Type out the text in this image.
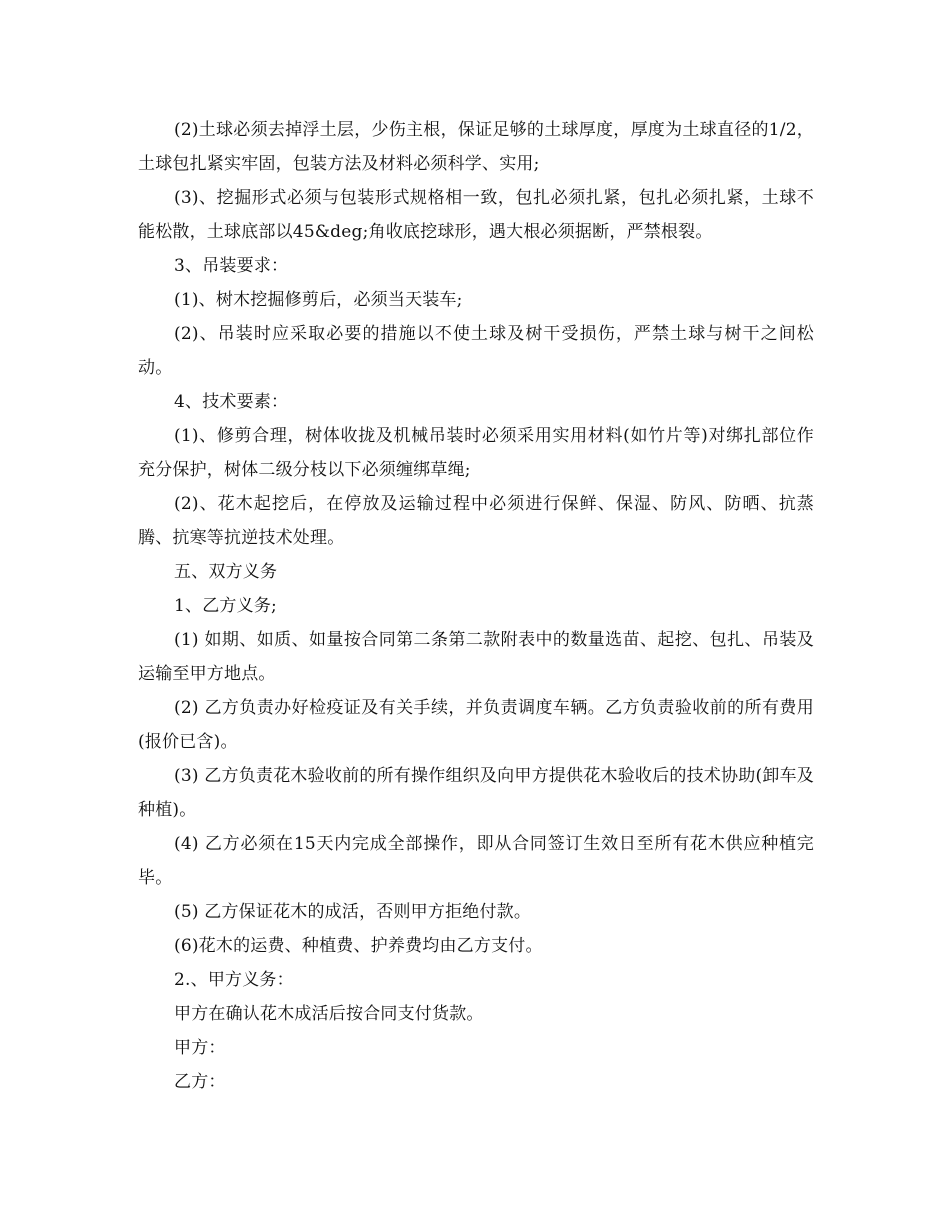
(2)土球必须去掉浮土层，少伤主根，保证足够的土球厚度，厚度为土球直径的1/2，土球包扎紧实牢固，包装方法及材料必须科学、实用;

(3)、挖掘形式必须与包装形式规格相一致，包扎必须扎紧，包扎必须扎紧，土球不能松散，土球底部以45&deg;角收底挖球形，遇大根必须据断，严禁根裂。

3、吊装要求：

(1)、树木挖掘修剪后，必须当天装车;

(2)、吊装时应采取必要的措施以不使土球及树干受损伤，严禁土球与树干之间松动。

4、技术要素：

(1)、修剪合理，树体收拢及机械吊装时必须采用实用材料(如竹片等)对绑扎部位作充分保护，树体二级分枝以下必须缠绑草绳;

(2)、花木起挖后，在停放及运输过程中必须进行保鲜、保湿、防风、防晒、抗蒸腾、抗寒等抗逆技术处理。

五、双方义务

1、乙方义务;

(1) 如期、如质、如量按合同第二条第二款附表中的数量选苗、起挖、包扎、吊装及运输至甲方地点。

(2) 乙方负责办好检疫证及有关手续，并负责调度车辆。乙方负责验收前的所有费用(报价已含)。

(3) 乙方负责花木验收前的所有操作组织及向甲方提供花木验收后的技术协助(卸车及种植)。

(4) 乙方必须在15天内完成全部操作，即从合同签订生效日至所有花木供应种植完毕。

(5) 乙方保证花木的成活，否则甲方拒绝付款。

(6)花木的运费、种植费、护养费均由乙方支付。

2.、甲方义务：

甲方在确认花木成活后按合同支付货款。

甲方：

乙方：
